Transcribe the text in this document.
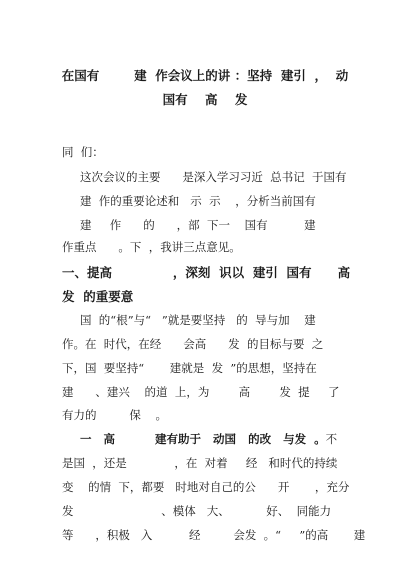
在国有        建  作会议上的讲 ：坚持  建引  ，  动
国有    高    发
同  们：
这次会议的主要      是深入学习习近  总书记  于国有
建  作的重要论述和   示  示    ，分析当前国有
建     作      的      ，部  下一    国有          建
作重点      。下  ，我讲三点意见。
一、提高              ，深刻  识以  建引  国有      高
发  的重要意
国  的“根”与“   ”就是要坚持   的  导与加    建
作。在  时代，在经      会高      发  的目标与要  之
下，国  要坚持“       建就是  发  ”的思想，坚持在
建      、建兴    的道  上，为        高        发  提     了
有力的         保    。
一   高          建有助于   动国   的改   与发  。不
是国  ，还是             ，在  对着     经   和时代的持续
变    的情  下，都要   时地对自己的公      开       ，充分
发                        、模体   大、          好、  同能力
等      ，积极   入          经         会发  。“     ”的高       建
